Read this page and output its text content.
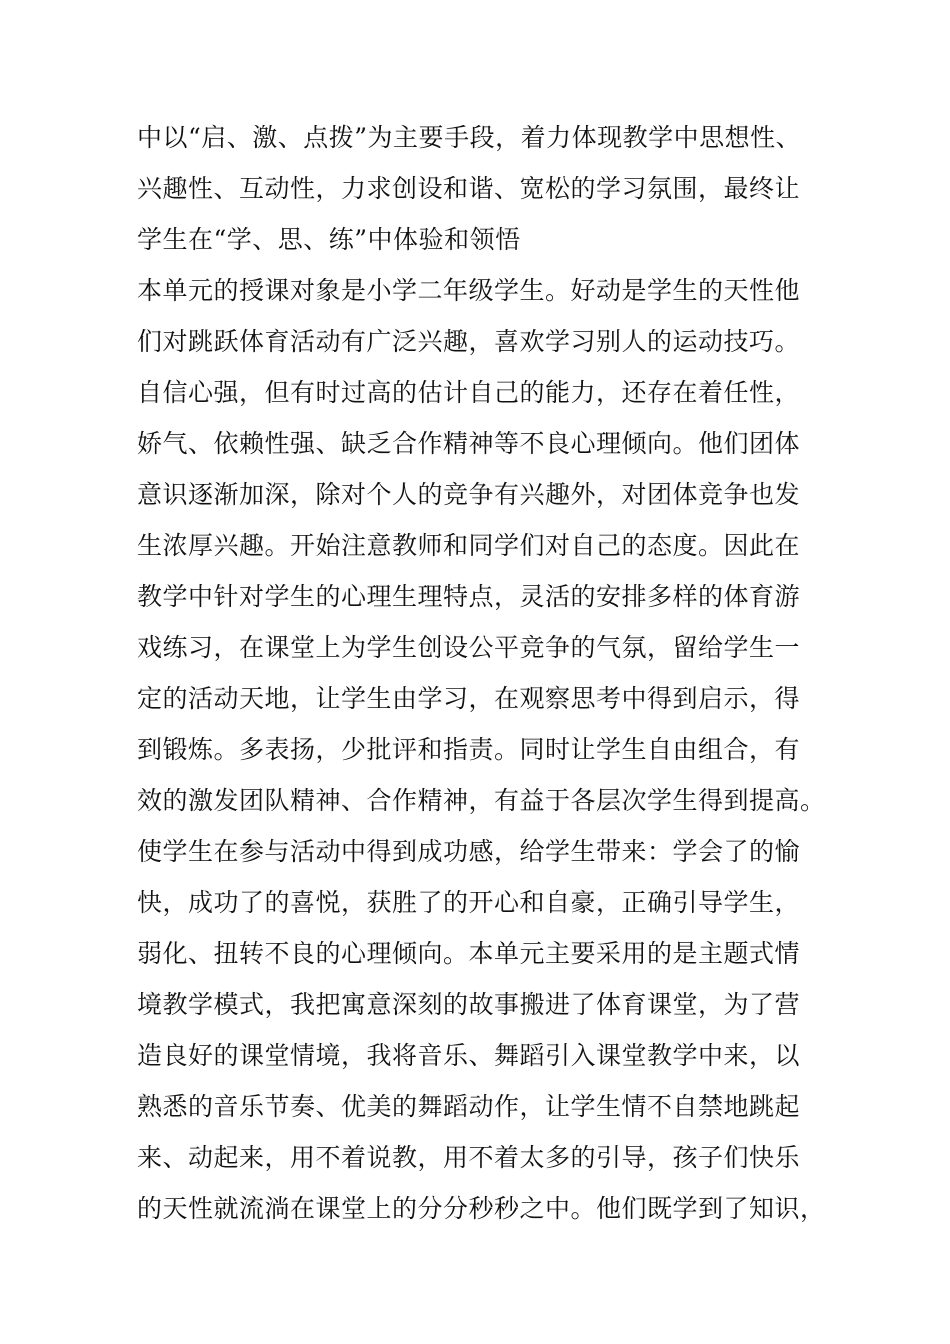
中以“启、激、点拨”为主要手段，着力体现教学中思想性、
兴趣性、互动性，力求创设和谐、宽松的学习氛围，最终让
学生在“学、思、练”中体验和领悟
本单元的授课对象是小学二年级学生。好动是学生的天性他
们对跳跃体育活动有广泛兴趣，喜欢学习别人的运动技巧。
自信心强，但有时过高的估计自己的能力，还存在着任性，
娇气、依赖性强、缺乏合作精神等不良心理倾向。他们团体
意识逐渐加深，除对个人的竞争有兴趣外，对团体竞争也发
生浓厚兴趣。开始注意教师和同学们对自己的态度。因此在
教学中针对学生的心理生理特点，灵活的安排多样的体育游
戏练习，在课堂上为学生创设公平竞争的气氛，留给学生一
定的活动天地，让学生由学习，在观察思考中得到启示，得
到锻炼。多表扬，少批评和指责。同时让学生自由组合，有
效的激发团队精神、合作精神，有益于各层次学生得到提高。
使学生在参与活动中得到成功感，给学生带来：学会了的愉
快，成功了的喜悦，获胜了的开心和自豪，正确引导学生，
弱化、扭转不良的心理倾向。本单元主要采用的是主题式情
境教学模式，我把寓意深刻的故事搬进了体育课堂，为了营
造良好的课堂情境，我将音乐、舞蹈引入课堂教学中来，以
熟悉的音乐节奏、优美的舞蹈动作，让学生情不自禁地跳起
来、动起来，用不着说教，用不着太多的引导，孩子们快乐
的天性就流淌在课堂上的分分秒秒之中。他们既学到了知识，
